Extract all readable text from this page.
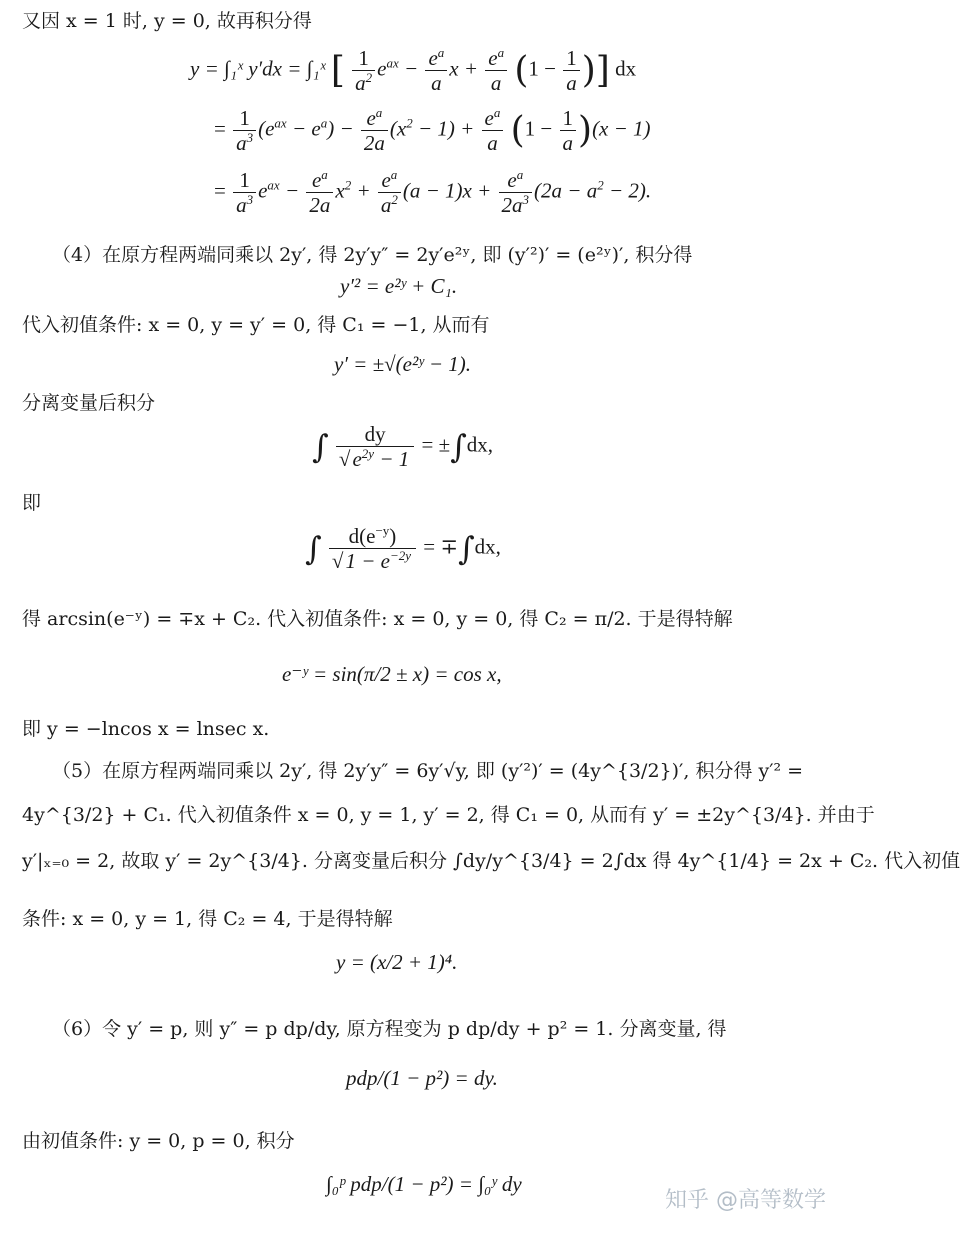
又因 x = 1 时, y = 0, 故再积分得
y = ∫₁ˣ y′dx = ∫₁ˣ [ $\frac{1}{a^2} e^{ax} - \frac{e^a}{a}$ $x + \frac{e^a}{a} (1 - \frac{1}{a}$ )] dx
= $\frac{1}{a^3} (e^{ax} - e^a) - \frac{e^a}{2a} (x^2 - 1) + \frac{e^a}{a} (1 - \frac{1}{a} )(x - 1)$
= $\frac{1}{a^3} e^{ax} - \frac{e^a}{2a} x^2 + \frac{e^a}{a^2} (a - 1)x + \frac{e^a}{2a^3} (2a - a^2 - 2)$.
（4）在原方程两端同乘以 2y′, 得 2y′y″ = 2y′e²ʸ, 即 (y′²)′ = (e²ʸ)′, 积分得
y′² = e²ʸ + C₁.
代入初值条件: x = 0, y = y′ = 0, 得 C₁ = −1, 从而有
y′ = ±√(e²ʸ − 1).
分离变量后积分
∫ $\frac{dy}{√e^{2y} - 1} = \pm\int dx$,
即
∫ $\frac{d(e^{-y})}{√1 - e^{-2y}} = \mp\int dx$,
得 arcsin(e⁻ʸ) = ∓x + C₂. 代入初值条件: x = 0, y = 0, 得 C₂ = π/2. 于是得特解
e⁻ʸ = sin(π/2 ± x) = cos x,
即 y = −lncos x = lnsec x.
（5）在原方程两端同乘以 2y′, 得 2y′y″ = 6y′√y, 即 (y′²)′ = (4y^{3/2})′, 积分得 y′² =
4y^{3/2} + C₁. 代入初值条件 x = 0, y = 1, y′ = 2, 得 C₁ = 0, 从而有 y′ = ±2y^{3/4}. 并由于
y′|ₓ₌₀ = 2, 故取 y′ = 2y^{3/4}. 分离变量后积分 ∫dy/y^{3/4} = 2∫dx 得 4y^{1/4} = 2x + C₂. 代入初值
条件: x = 0, y = 1, 得 C₂ = 4, 于是得特解
y = (x/2 + 1)⁴.
（6）令 y′ = p, 则 y″ = p dp/dy, 原方程变为 p dp/dy + p² = 1. 分离变量, 得
pdp/(1 − p²) = dy.
由初值条件: y = 0, p = 0, 积分
∫₀ᵖ pdp/(1 − p²) = ∫₀ʸ dy
知乎 @高等数学
